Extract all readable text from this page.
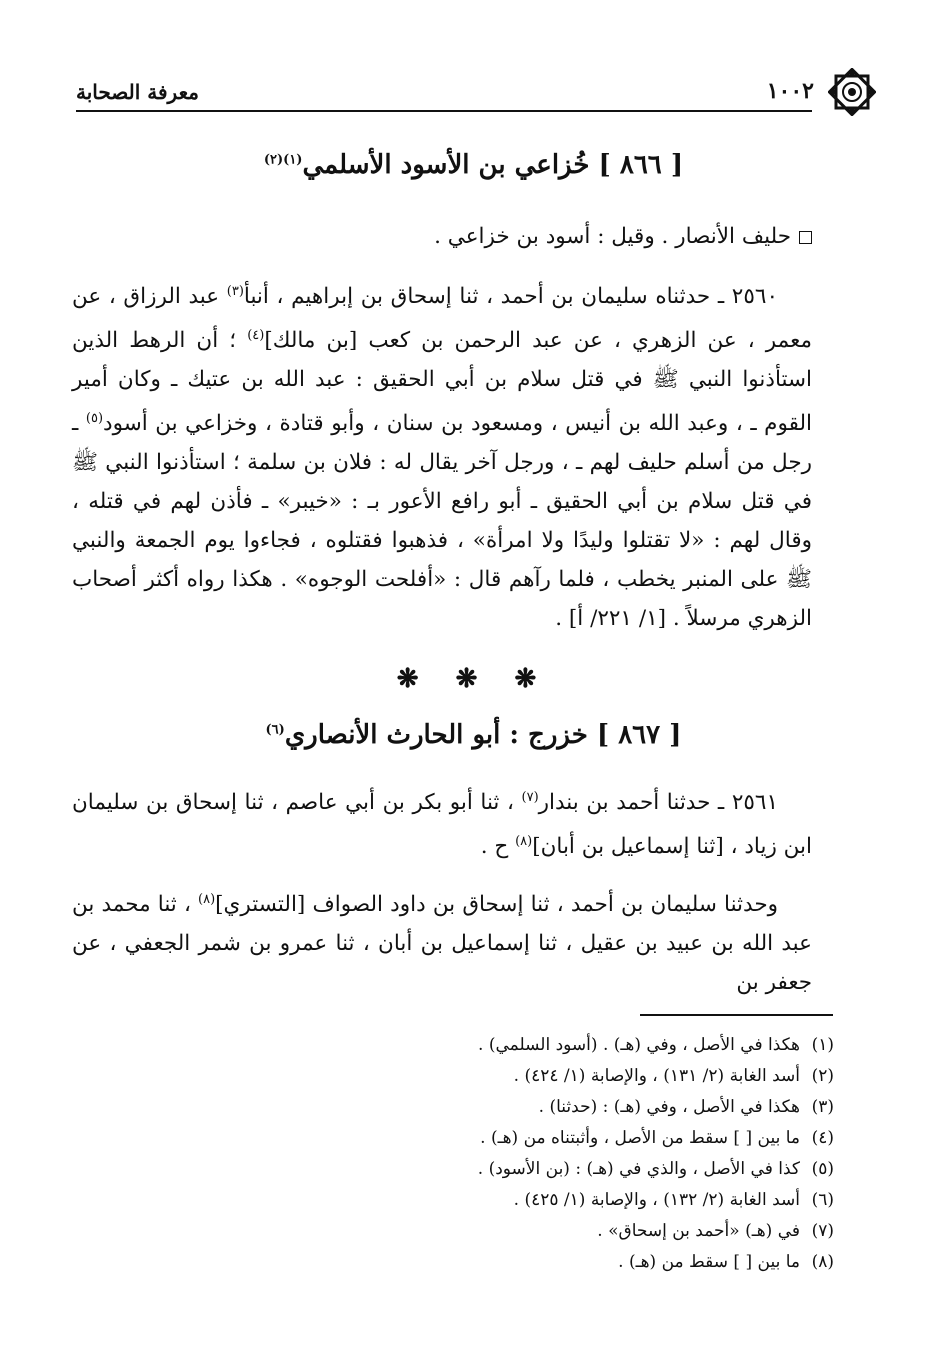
١٠٠٢
معرفة الصحابة
[ ٨٦٦ ] خُزاعي بن الأسود الأسلمي$^{(١)(٢)}$
حليف الأنصار . وقيل : أسود بن خزاعي .
٢٥٦٠ ـ حدثناه سليمان بن أحمد ، ثنا إسحاق بن إبراهيم ، أنبأ$^{(٣)}$ عبد الرزاق ، عن معمر ، عن الزهري ، عن عبد الرحمن بن كعب [بن مالك]$^{(٤)}$ ؛ أن الرهط الذين استأذنوا النبي ﷺ في قتل سلام بن أبي الحقيق : عبد الله بن عتيك ـ وكان أمير القوم ـ ، وعبد الله بن أنيس ، ومسعود بن سنان ، وأبو قتادة ، وخزاعي بن أسود$^{(٥)}$ ـ رجل من أسلم حليف لهم ـ ، ورجل آخر يقال له : فلان بن سلمة ؛ استأذنوا النبي ﷺ في قتل سلام بن أبي الحقيق ـ أبو رافع الأعور بـ : «خيبر» ـ فأذن لهم في قتله ، وقال لهم : «لا تقتلوا وليدًا ولا امرأة» ، فذهبوا فقتلوه ، فجاءوا يوم الجمعة والنبي ﷺ على المنبر يخطب ، فلما رآهم قال : «أفلحت الوجوه» . هكذا رواه أكثر أصحاب الزهري مرسلاً . [١/ ٢٢١/ أ] .
❋ ❋ ❋
[ ٨٦٧ ] خزرج : أبو الحارث الأنصاري$^{(٦)}$
٢٥٦١ ـ حدثنا أحمد بن بندار$^{(٧)}$ ، ثنا أبو بكر بن أبي عاصم ، ثنا إسحاق بن سليمان ابن زياد ، [ثنا إسماعيل بن أبان]$^{(٨)}$ ح .
وحدثنا سليمان بن أحمد ، ثنا إسحاق بن داود الصواف [التستري]$^{(٨)}$ ، ثنا محمد بن عبد الله بن عبيد بن عقيل ، ثنا إسماعيل بن أبان ، ثنا عمرو بن شمر الجعفي ، عن جعفر بن
(١)هكذا في الأصل ، وفي (هـ) . (أسود السلمي) .
(٢)أسد الغابة (٢/ ١٣١) ، والإصابة (١/ ٤٢٤) .
(٣)هكذا في الأصل ، وفي (هـ) : (حدثنا) .
(٤)ما بين [ ] سقط من الأصل ، وأثبتناه من (هـ) .
(٥)كذا في الأصل ، والذي في (هـ) : (بن الأسود) .
(٦)أسد الغابة (٢/ ١٣٢) ، والإصابة (١/ ٤٢٥) .
(٧)في (هـ) «أحمد بن إسحاق» .
(٨)ما بين [ ] سقط من (هـ) .
